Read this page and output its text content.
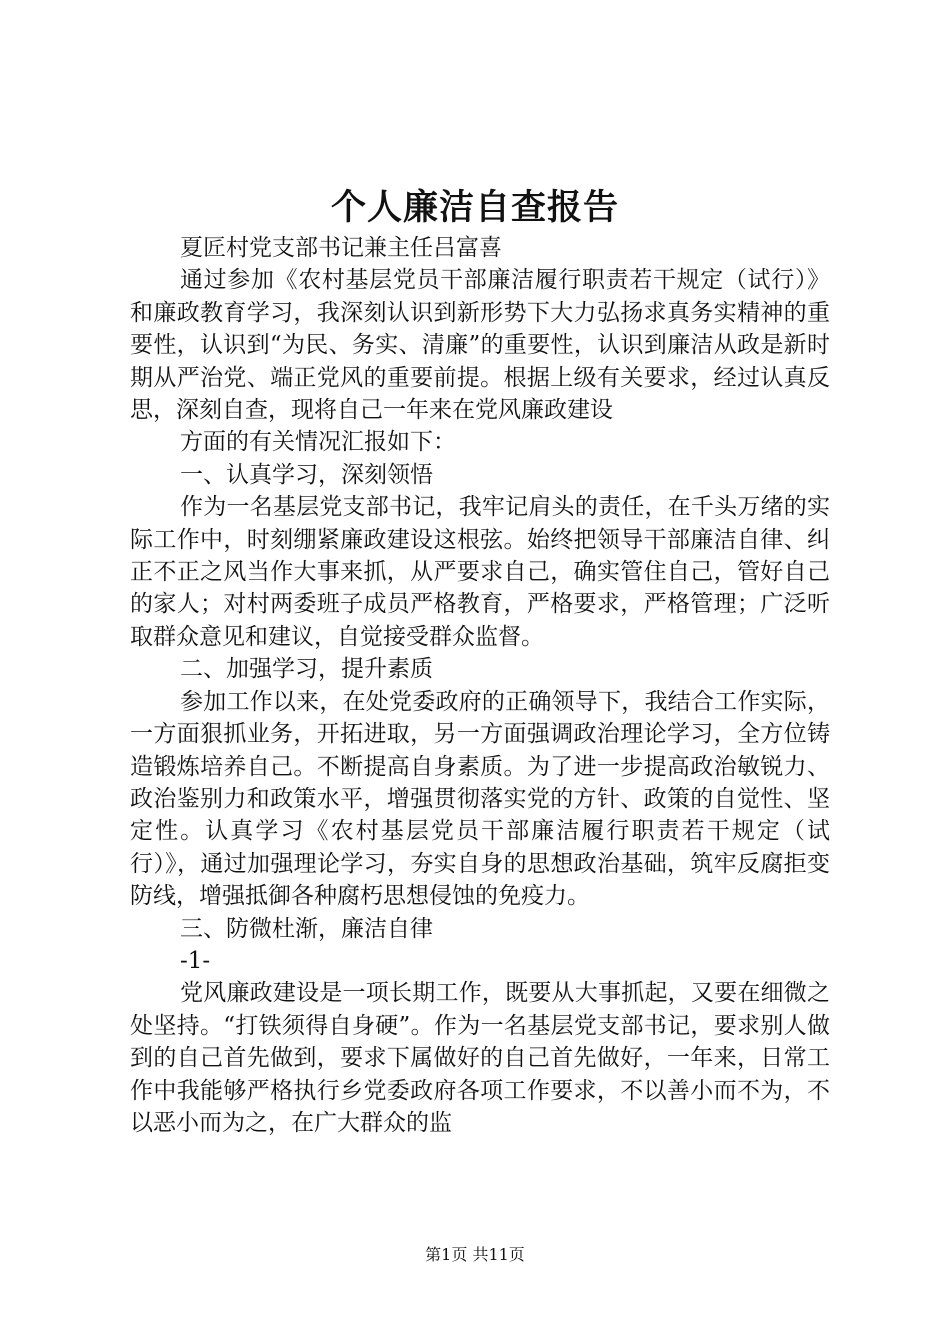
个人廉洁自查报告

夏匠村党支部书记兼主任吕富喜

通过参加《农村基层党员干部廉洁履行职责若干规定（试行）》和廉政教育学习，我深刻认识到新形势下大力弘扬求真务实精神的重要性，认识到“为民、务实、清廉”的重要性，认识到廉洁从政是新时期从严治党、端正党风的重要前提。根据上级有关要求，经过认真反思，深刻自查，现将自己一年来在党风廉政建设

方面的有关情况汇报如下：

一、认真学习，深刻领悟

作为一名基层党支部书记，我牢记肩头的责任，在千头万绪的实际工作中，时刻绷紧廉政建设这根弦。始终把领导干部廉洁自律、纠正不正之风当作大事来抓，从严要求自己，确实管住自己，管好自己的家人；对村两委班子成员严格教育，严格要求，严格管理；广泛听取群众意见和建议，自觉接受群众监督。

二、加强学习，提升素质

参加工作以来，在处党委政府的正确领导下，我结合工作实际，一方面狠抓业务，开拓进取，另一方面强调政治理论学习，全方位铸造锻炼培养自己。不断提高自身素质。为了进一步提高政治敏锐力、政治鉴别力和政策水平，增强贯彻落实党的方针、政策的自觉性、坚定性。认真学习《农村基层党员干部廉洁履行职责若干规定（试行）》，通过加强理论学习，夯实自身的思想政治基础，筑牢反腐拒变防线，增强抵御各种腐朽思想侵蚀的免疫力。

三、防微杜渐，廉洁自律

-1-

党风廉政建设是一项长期工作，既要从大事抓起，又要在细微之处坚持。“打铁须得自身硬”。作为一名基层党支部书记，要求别人做到的自己首先做到，要求下属做好的自己首先做好，一年来，日常工作中我能够严格执行乡党委政府各项工作要求，不以善小而不为，不以恶小而为之，在广大群众的监

第1页 共11页
